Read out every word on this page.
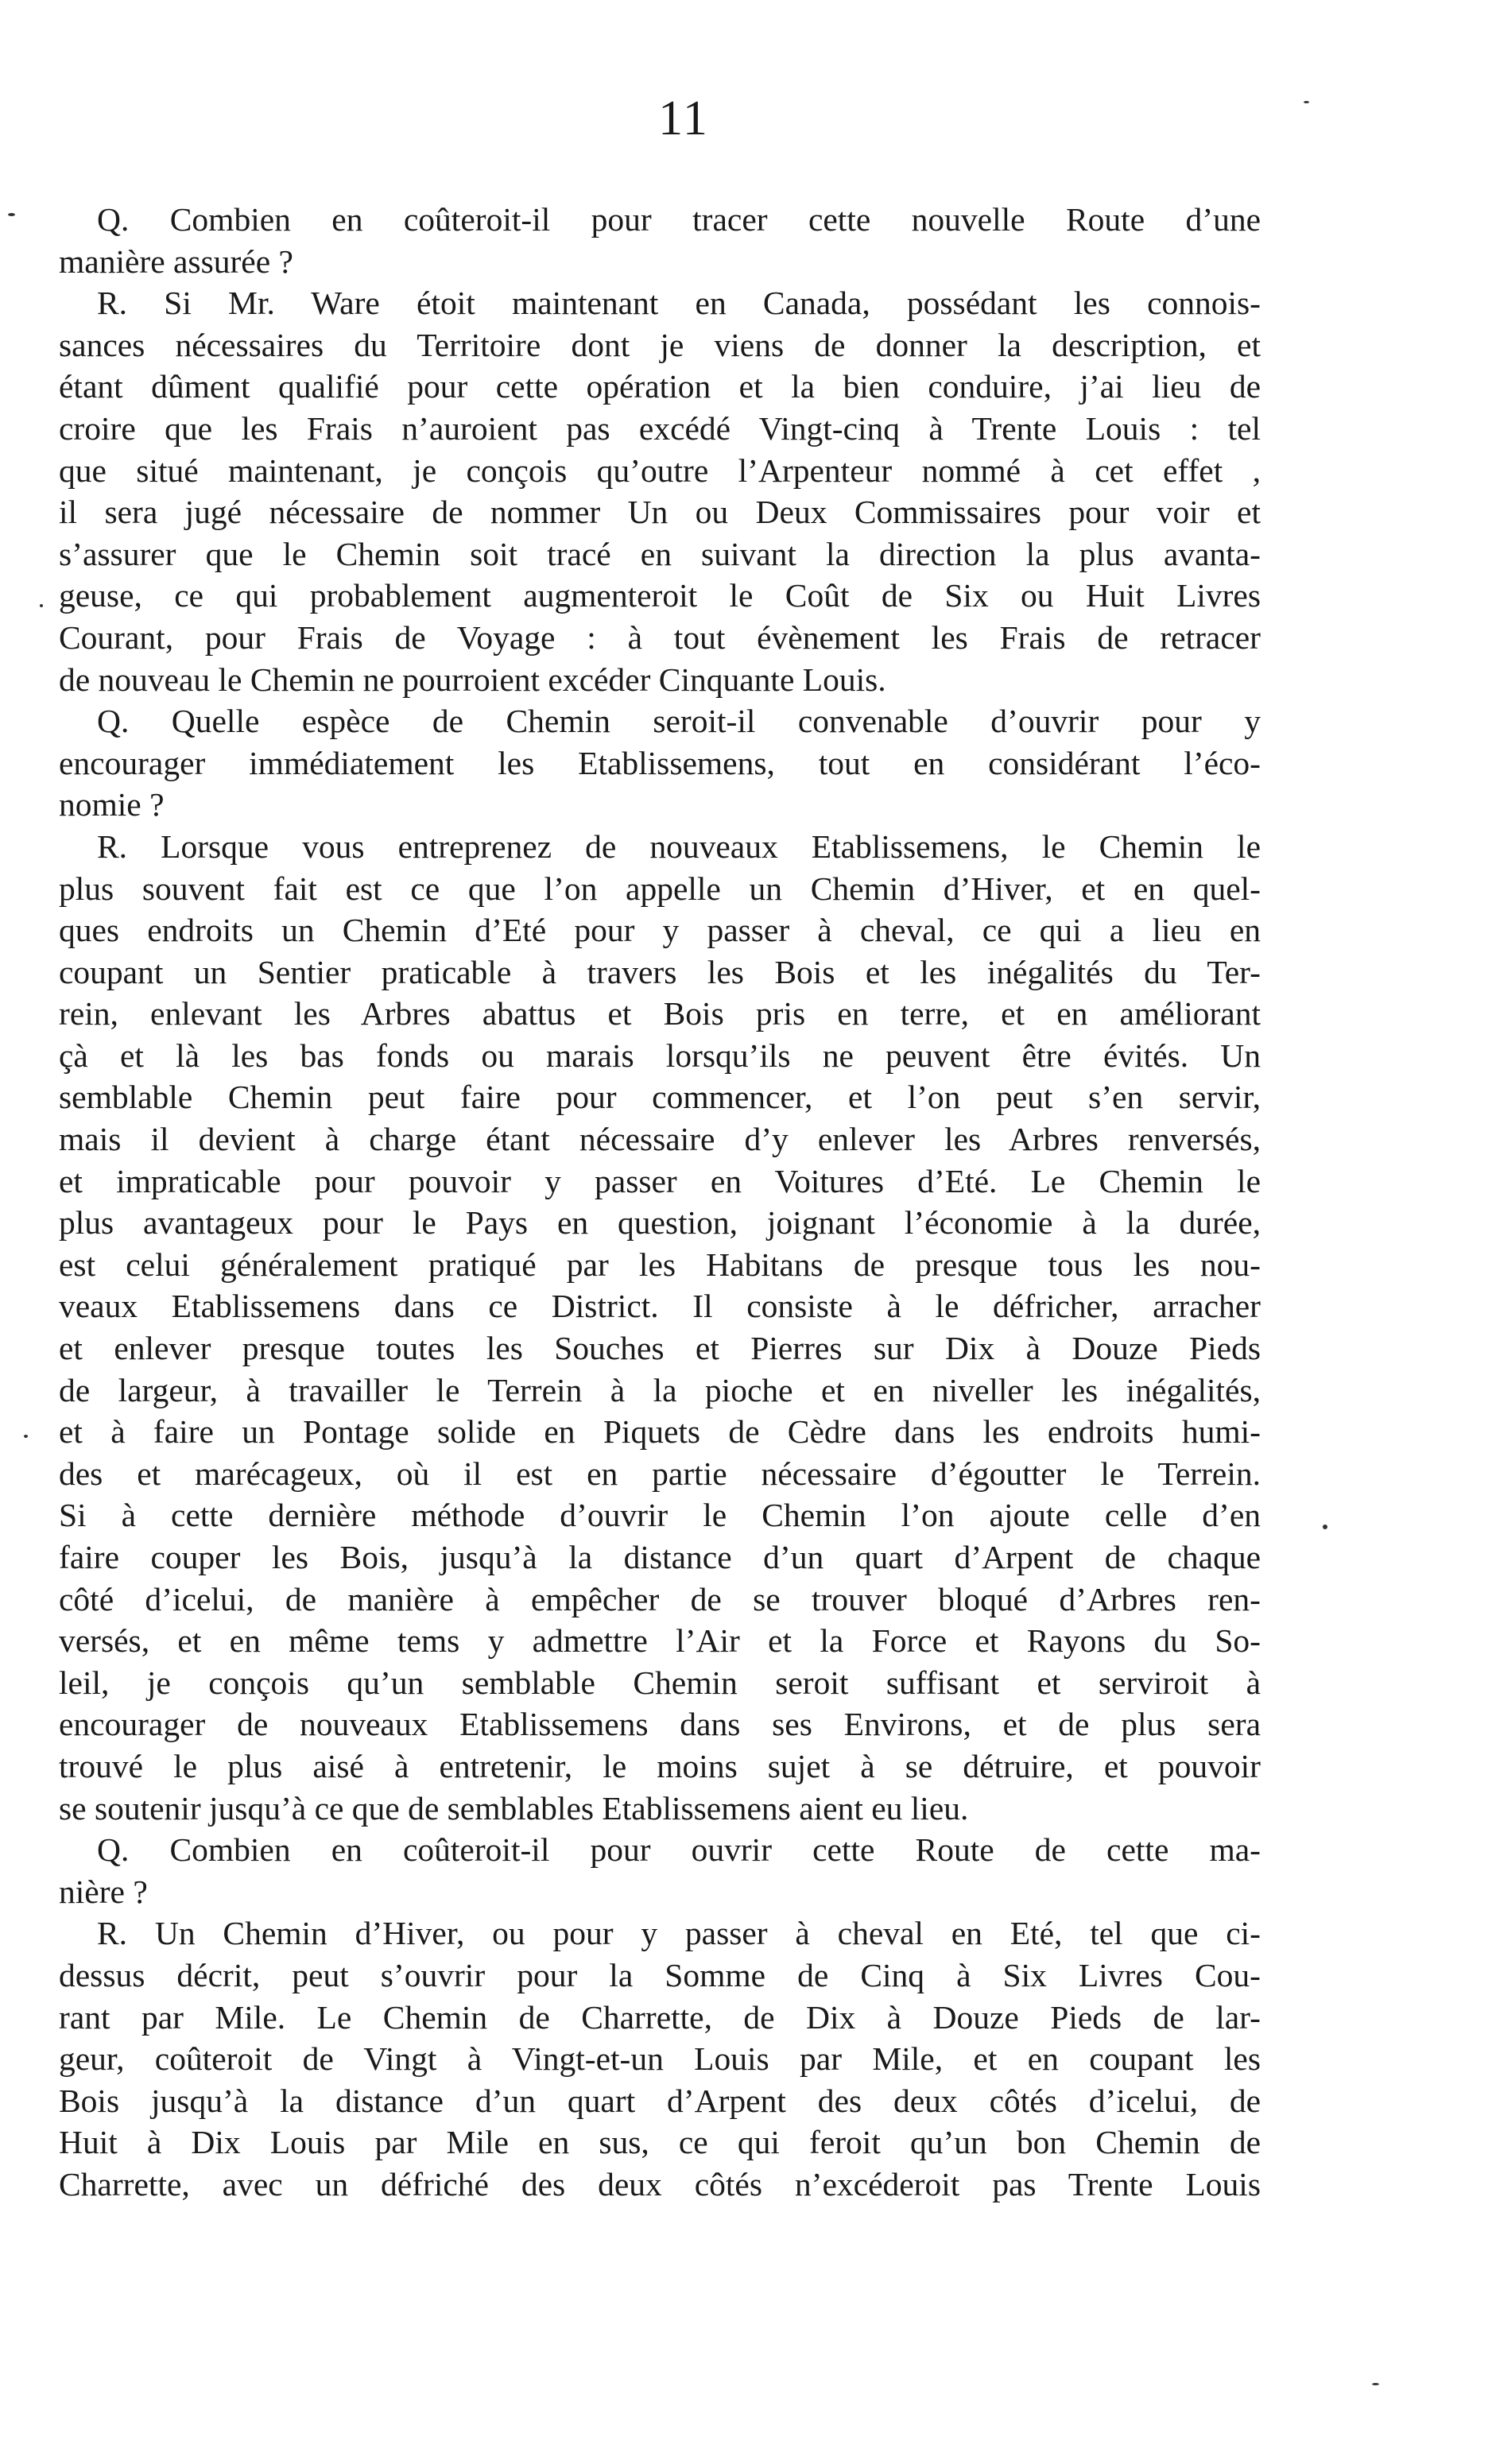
11
Q. Combien en coûteroit-il pour tracer cette nouvelle Route d’une
manière assurée ?
R. Si Mr. Ware étoit maintenant en Canada, possédant les connois-
sances nécessaires du Territoire dont je viens de donner la description, et
étant dûment qualifié pour cette opération et la bien conduire, j’ai lieu de
croire que les Frais n’auroient pas excédé Vingt-cinq à Trente Louis : tel
que situé maintenant, je conçois qu’outre l’Arpenteur nommé à cet effet ,
il sera jugé nécessaire de nommer Un ou Deux Commissaires pour voir et
s’assurer que le Chemin soit tracé en suivant la direction la plus avanta-
geuse, ce qui probablement augmenteroit le Coût de Six ou Huit Livres
Courant, pour Frais de Voyage : à tout évènement les Frais de retracer
de nouveau le Chemin ne pourroient excéder Cinquante Louis.
Q. Quelle espèce de Chemin seroit-il convenable d’ouvrir pour y
encourager immédiatement les Etablissemens, tout en considérant l’éco-
nomie ?
R. Lorsque vous entreprenez de nouveaux Etablissemens, le Chemin le
plus souvent fait est ce que l’on appelle un Chemin d’Hiver, et en quel-
ques endroits un Chemin d’Eté pour y passer à cheval, ce qui a lieu en
coupant un Sentier praticable à travers les Bois et les inégalités du Ter-
rein, enlevant les Arbres abattus et Bois pris en terre, et en améliorant
çà et là les bas fonds ou marais lorsqu’ils ne peuvent être évités. Un
semblable Chemin peut faire pour commencer, et l’on peut s’en servir,
mais il devient à charge étant nécessaire d’y enlever les Arbres renversés,
et impraticable pour pouvoir y passer en Voitures d’Eté. Le Chemin le
plus avantageux pour le Pays en question, joignant l’économie à la durée,
est celui généralement pratiqué par les Habitans de presque tous les nou-
veaux Etablissemens dans ce District. Il consiste à le défricher, arracher
et enlever presque toutes les Souches et Pierres sur Dix à Douze Pieds
de largeur, à travailler le Terrein à la pioche et en niveller les inégalités,
et à faire un Pontage solide en Piquets de Cèdre dans les endroits humi-
des et marécageux, où il est en partie nécessaire d’égoutter le Terrein.
Si à cette dernière méthode d’ouvrir le Chemin l’on ajoute celle d’en
faire couper les Bois, jusqu’à la distance d’un quart d’Arpent de chaque
côté d’icelui, de manière à empêcher de se trouver bloqué d’Arbres ren-
versés, et en même tems y admettre l’Air et la Force et Rayons du So-
leil, je conçois qu’un semblable Chemin seroit suffisant et serviroit à
encourager de nouveaux Etablissemens dans ses Environs, et de plus sera
trouvé le plus aisé à entretenir, le moins sujet à se détruire, et pouvoir
se soutenir jusqu’à ce que de semblables Etablissemens aient eu lieu.
Q. Combien en coûteroit-il pour ouvrir cette Route de cette ma-
nière ?
R. Un Chemin d’Hiver, ou pour y passer à cheval en Eté, tel que ci-
dessus décrit, peut s’ouvrir pour la Somme de Cinq à Six Livres Cou-
rant par Mile. Le Chemin de Charrette, de Dix à Douze Pieds de lar-
geur, coûteroit de Vingt à Vingt-et-un Louis par Mile, et en coupant les
Bois jusqu’à la distance d’un quart d’Arpent des deux côtés d’icelui, de
Huit à Dix Louis par Mile en sus, ce qui feroit qu’un bon Chemin de
Charrette, avec un défriché des deux côtés n’excéderoit pas Trente Louis
